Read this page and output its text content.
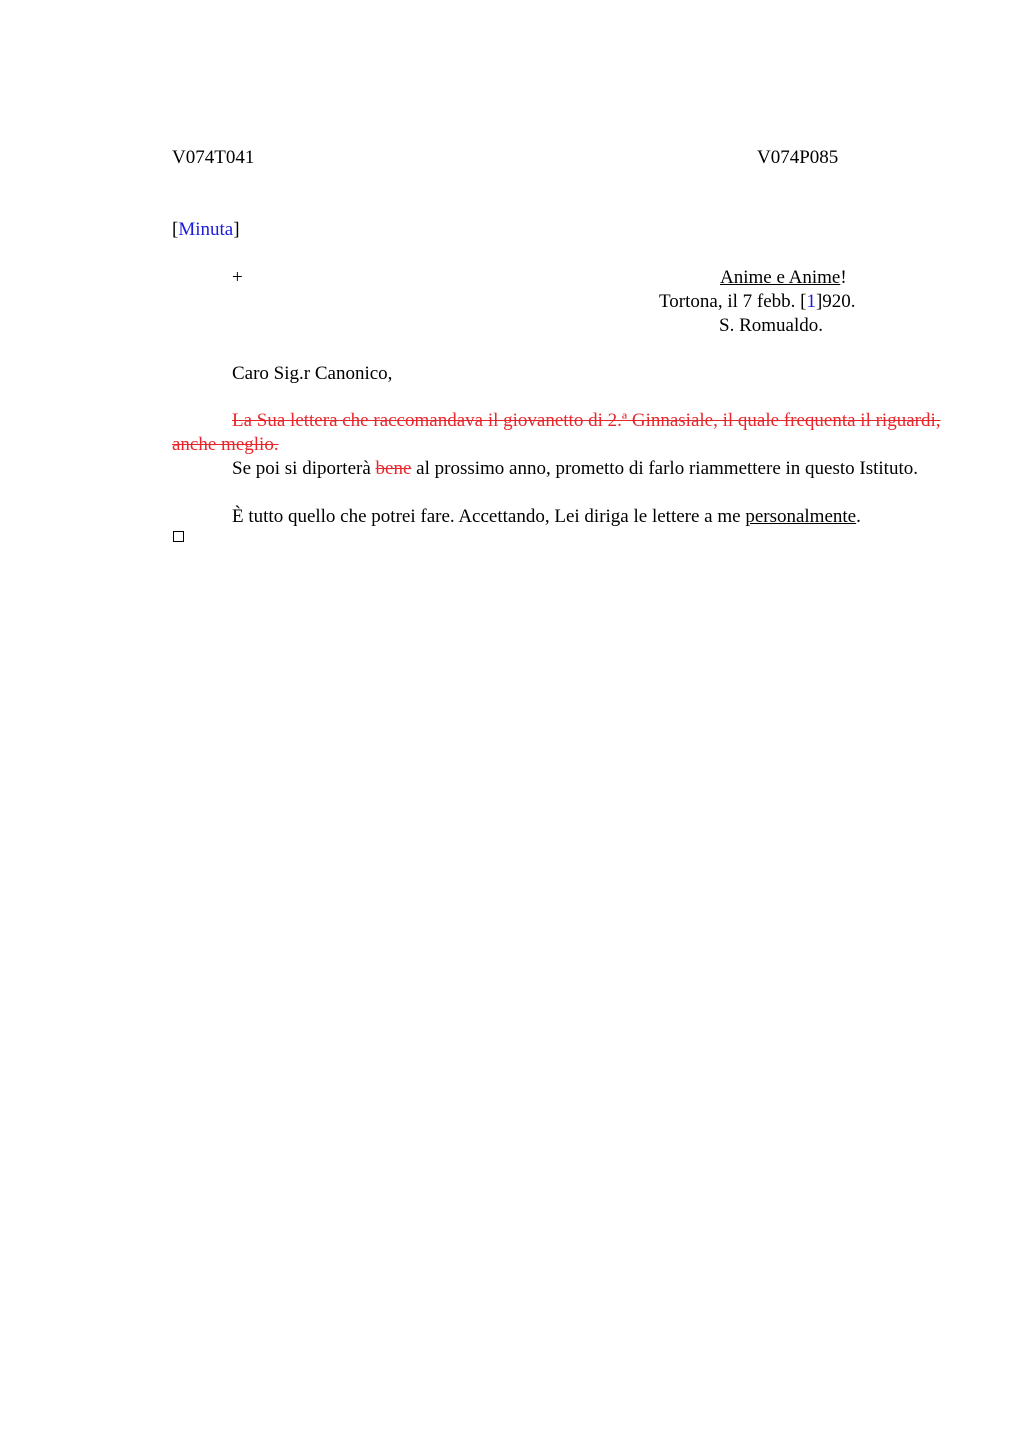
V074T041	V074P085
[Minuta]
+	Anime e Anime!
Tortona, il 7 febb. [1]920.
S. Romualdo.
Caro Sig.r Canonico,
La Sua lettera che raccomandava il giovanetto di 2.ª Ginnasiale, il quale frequenta il riguardi, anche meglio.
Se poi si diporterà bene al prossimo anno, prometto di farlo riammettere in questo Istituto.
È tutto quello che potrei fare. Accettando, Lei diriga le lettere a me personalmente.
